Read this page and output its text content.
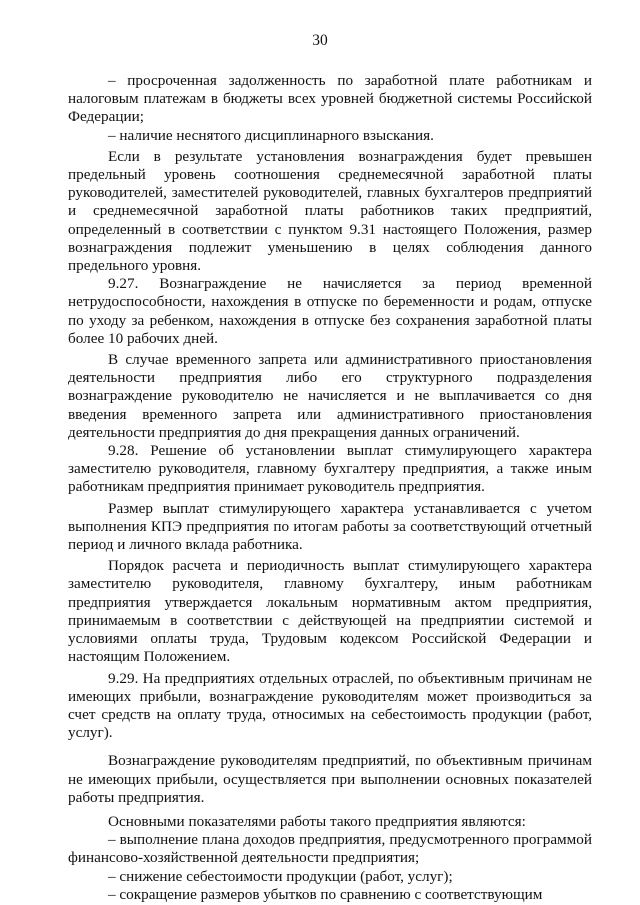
30

– просроченная задолженность по заработной плате работникам и налоговым платежам в бюджеты всех уровней бюджетной системы Российской Федерации;

– наличие неснятого дисциплинарного взыскания.

Если в результате установления вознаграждения будет превышен предельный уровень соотношения среднемесячной заработной платы руководителей, заместителей руководителей, главных бухгалтеров предприятий и среднемесячной заработной платы работников таких предприятий, определенный в соответствии с пунктом 9.31 настоящего Положения, размер вознаграждения подлежит уменьшению в целях соблюдения данного предельного уровня.

9.27. Вознаграждение не начисляется за период временной нетрудоспособности, нахождения в отпуске по беременности и родам, отпуске по уходу за ребенком, нахождения в отпуске без сохранения заработной платы более 10 рабочих дней.

В случае временного запрета или административного приостановления деятельности предприятия либо его структурного подразделения вознаграждение руководителю не начисляется и не выплачивается со дня введения временного запрета или административного приостановления деятельности предприятия до дня прекращения данных ограничений.

9.28. Решение об установлении выплат стимулирующего характера заместителю руководителя, главному бухгалтеру предприятия, а также иным работникам предприятия принимает руководитель предприятия.

Размер выплат стимулирующего характера устанавливается с учетом выполнения КПЭ предприятия по итогам работы за соответствующий отчетный период и личного вклада работника.

Порядок расчета и периодичность выплат стимулирующего характера заместителю руководителя, главному бухгалтеру, иным работникам предприятия утверждается локальным нормативным актом предприятия, принимаемым в соответствии с действующей на предприятии системой и условиями оплаты труда, Трудовым кодексом Российской Федерации и настоящим Положением.

9.29. На предприятиях отдельных отраслей, по объективным причинам не имеющих прибыли, вознаграждение руководителям может производиться за счет средств на оплату труда, относимых на себестоимость продукции (работ, услуг).

Вознаграждение руководителям предприятий, по объективным причинам не имеющих прибыли, осуществляется при выполнении основных показателей работы предприятия.

Основными показателями работы такого предприятия являются:

– выполнение плана доходов предприятия, предусмотренного программой финансово-хозяйственной деятельности предприятия;

– снижение себестоимости продукции (работ, услуг);

– сокращение размеров убытков по сравнению с соответствующим
